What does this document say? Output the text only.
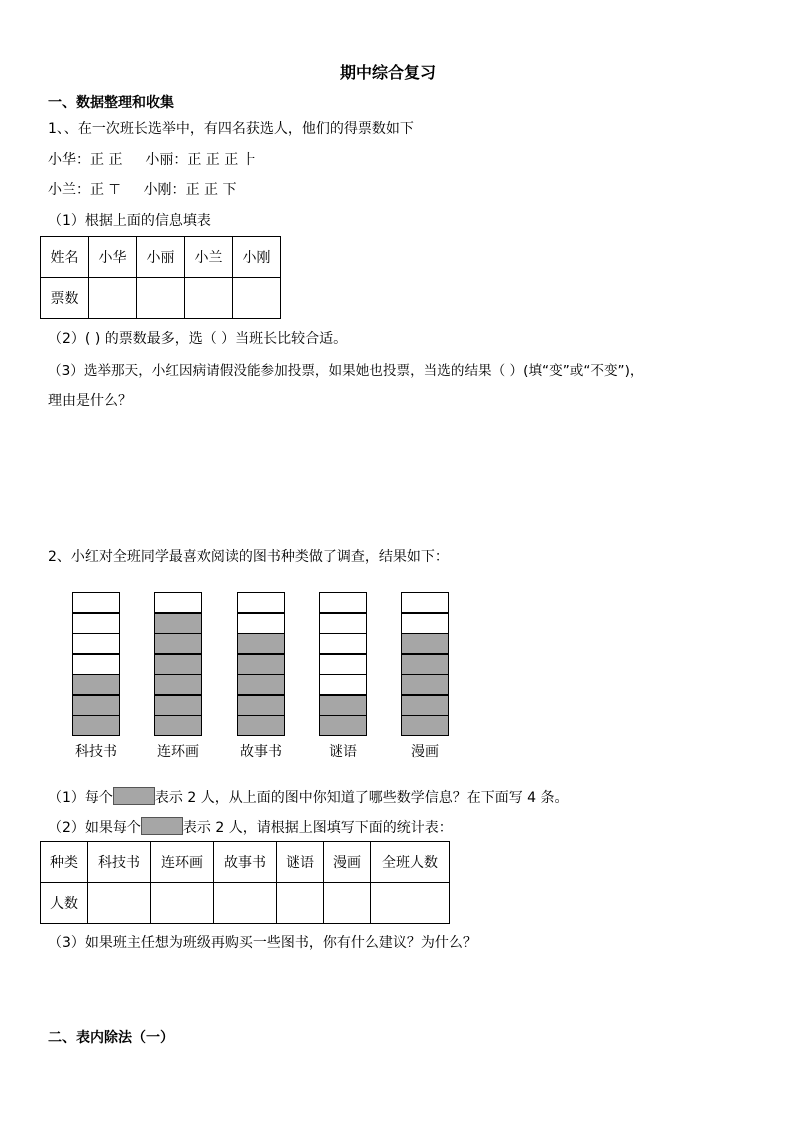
期中综合复习
一、数据整理和收集
1、、在一次班长选举中，有四名获选人，他们的得票数如下
小华：正 正 小丽：正 正 正 ⺊
小兰：正 ⊤ 小刚：正 正 下
（1）根据上面的信息填表
姓名	小华	小丽	小兰	小刚
票数				
（2）( ) 的票数最多，选（ ）当班长比较合适。
（3）选举那天，小红因病请假没能参加投票，如果她也投票，当选的结果（ ）(填“变”或“不变”)，
理由是什么？
2、小红对全班同学最喜欢阅读的图书种类做了调查，结果如下：
科技书	连环画	故事书	谜语	漫画
（1）每个	表示 2 人，从上面的图中你知道了哪些数学信息？在下面写 4 条。
（2）如果每个	表示 2 人，请根据上图填写下面的统计表：
种类	科技书	连环画	故事书	谜语	漫画	全班人数
人数						
（3）如果班主任想为班级再购买一些图书，你有什么建议？为什么？
二、表内除法（一）
